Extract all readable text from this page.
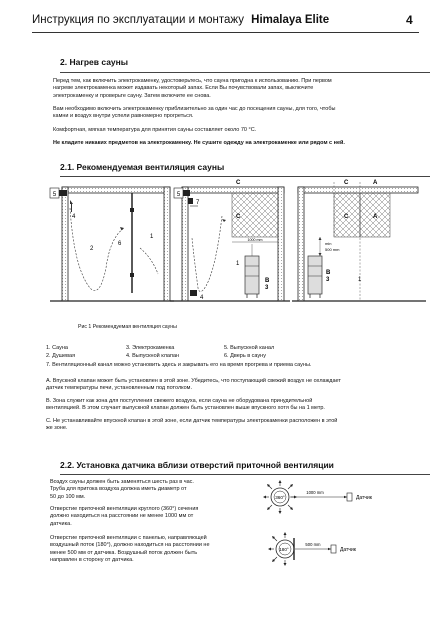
Инструкция по эксплуатации и монтажу Himalaya Elite	4
2. Нагрев сауны
Перед тем, как включить электрокаменку, удостоверьтесь, что сауна пригодна к использованию. При первом
нагреве электрокаменка может издавать некоторый запах. Если Вы почувствовали запах, выключите
электрокаменку и проверьте сауну. Затем включите ее снова.
Вам необходимо включить электрокаменку приблизительно за один час до посещения сауны, для того, чтобы
камни и воздух внутри успели равномерно прогреться.
Комфортная, мягкая температура для принятия сауны составляет около 70 °C.
Не кладите никаких предметов на электрокаменку. Не сушите одежду на электрокаменке или рядом с ней.
2.1. Рекомендуемая вентиляция сауны
5
4
2
6
1	1000 mm
5
7
C
C
1
B
3
4
C	A
C	A
min
500 mm
B
3	1
Рис 1 Рекомендуемая вентиляция сауны
1. Сауна	3. Электрокаменка	5. Выпускной канал
2. Душевая	4. Выпускной клапан	6. Дверь в сауну
7. Вентиляционный канал можно установить здесь и закрывать его на время прогрева и приема сауны.
A. Впускной клапан может быть установлен в этой зоне. Убедитесь, что поступающий свежий воздух не охлаждает
датчик температуры печи, установленным под потолком.
B. Зона служит как зона для поступления свежего воздуха, если сауна не оборудована принудительной
вентиляцией. В этом случает выпускной клапан должен быть установлен выше впускного хотя бы на 1 метр.
C. Не устанавливайте впускной клапан в этой зоне, если датчик температуры электрокаменки расположен в этой
же зоне.
2.2. Установка датчика вблизи отверстий приточной вентиляции
Воздух сауны должен быть заменяться шесть раз в час.
Труба для притока воздуха должна иметь диаметр от
50 до 100 мм.
Отверстие приточной вентиляции круглого (360°) сечения
должно находиться на расстоянии не менее 1000 мм от
датчика.
Отверстие приточной вентиляции с панелью, направляющей
воздушный поток (180°), должно находиться на расстоянии не
менее 500 мм от датчика. Воздушный поток должен быть
направлен в сторону от датчика.
360°
1000 mm
Датчик
180°
500 mm
Датчик
